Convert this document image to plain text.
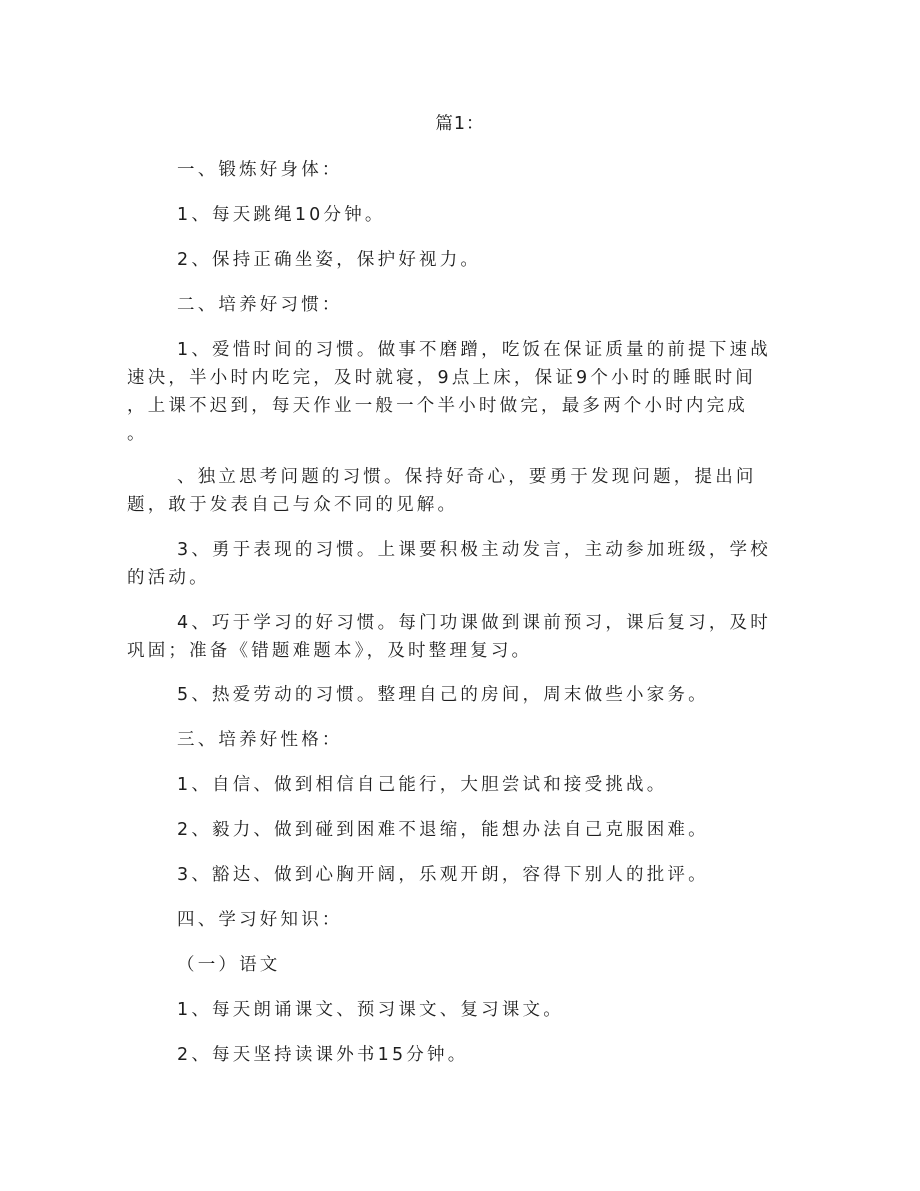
篇1：
一、锻炼好身体：
1、每天跳绳10分钟。
2、保持正确坐姿，保护好视力。
二、培养好习惯：
1、爱惜时间的习惯。做事不磨蹭，吃饭在保证质量的前提下速战
速决，半小时内吃完，及时就寝，9点上床，保证9个小时的睡眠时间
，上课不迟到，每天作业一般一个半小时做完，最多两个小时内完成
。
、独立思考问题的习惯。保持好奇心，要勇于发现问题，提出问
题，敢于发表自己与众不同的见解。
3、勇于表现的习惯。上课要积极主动发言，主动参加班级，学校
的活动。
4、巧于学习的好习惯。每门功课做到课前预习，课后复习，及时
巩固；准备《错题难题本》，及时整理复习。
5、热爱劳动的习惯。整理自己的房间，周末做些小家务。
三、培养好性格：
1、自信、做到相信自己能行，大胆尝试和接受挑战。
2、毅力、做到碰到困难不退缩，能想办法自己克服困难。
3、豁达、做到心胸开阔，乐观开朗，容得下别人的批评。
四、学习好知识：
（一）语文
1、每天朗诵课文、预习课文、复习课文。
2、每天坚持读课外书15分钟。
